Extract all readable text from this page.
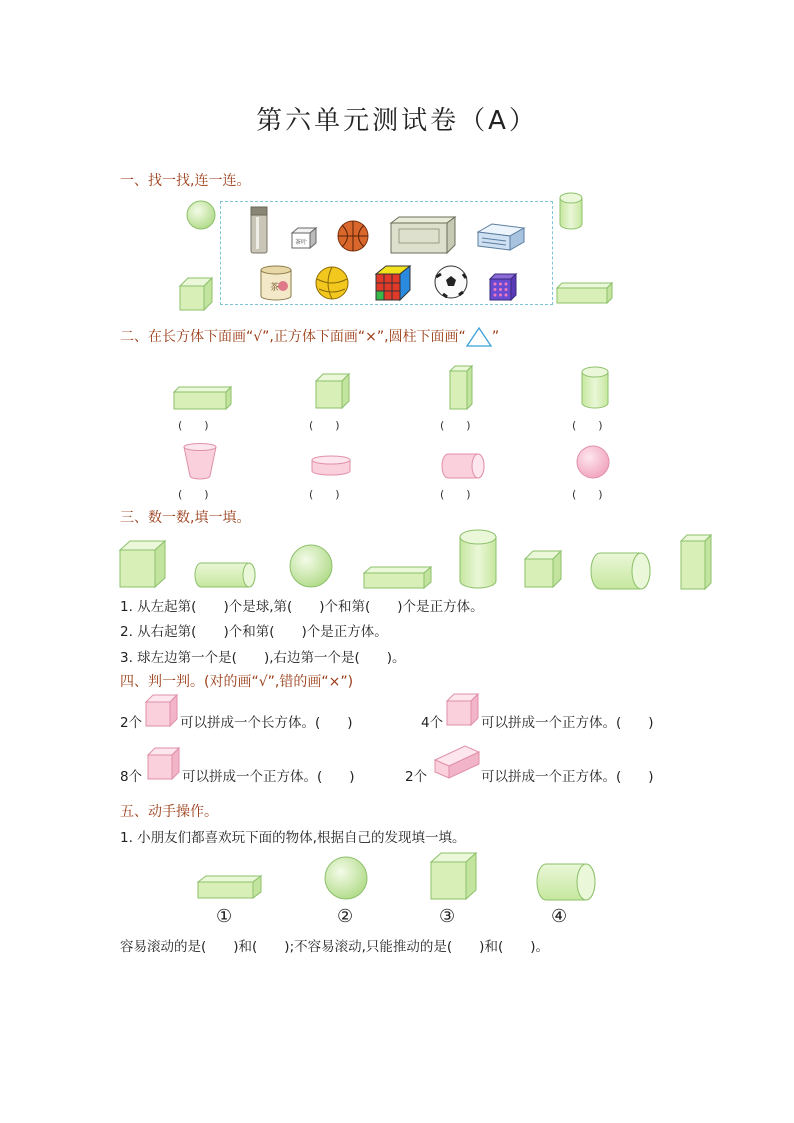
第六单元测试卷（A）
一、找一找,连一连。
茶叶
茶
二、在长方体下面画“√”,正方体下面画“×”,圆柱下面画“ ”
(　　)	(　　)	(　　)	(　　)
(　　)	(　　)	(　　)	(　　)
三、数一数,填一填。
1. 从左起第(　　)个是球,第(　　)个和第(　　)个是正方体。
2. 从右起第(　　)个和第(　　)个是正方体。
3. 球左边第一个是(　　),右边第一个是(　　)。
四、判一判。(对的画“√”,错的画“×”)
2个	可以拼成一个长方体。(　　)	4个	可以拼成一个正方体。(　　)
8个	可以拼成一个正方体。(　　)	2个	可以拼成一个正方体。(　　)
五、动手操作。
1. 小朋友们都喜欢玩下面的物体,根据自己的发现填一填。
①	②	③	④
容易滚动的是(　　)和(　　);不容易滚动,只能推动的是(　　)和(　　)。
